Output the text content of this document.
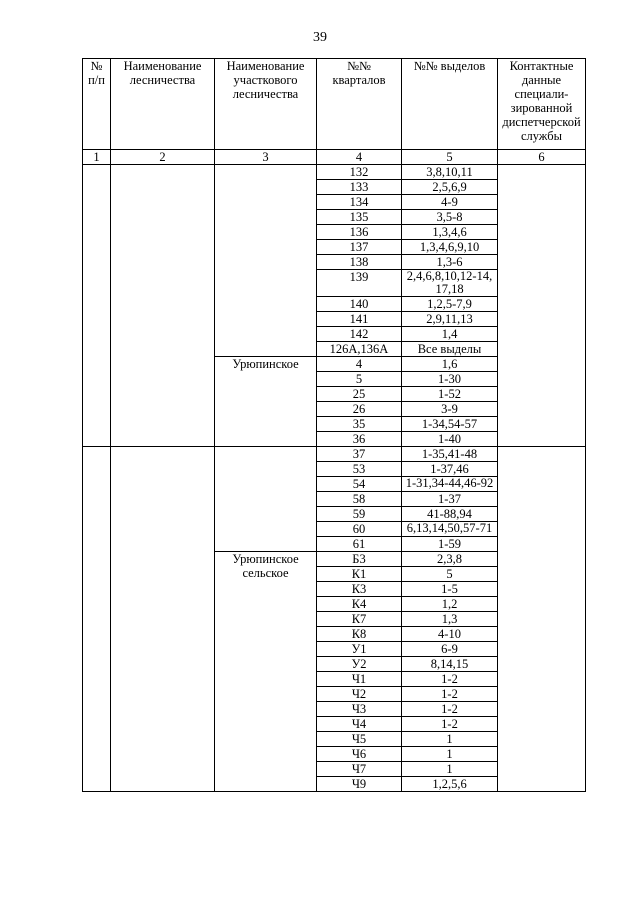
39
№ п/п	Наименование лесничества	Наименование участкового лесничества	№№ кварталов	№№ выделов	Контактные данные специали-зированной диспетчерской службы
1	2	3	4	5	6
			132	3,8,10,11	
			133	2,5,6,9	
			134	4-9	
			135	3,5-8	
			136	1,3,4,6	
			137	1,3,4,6,9,10	
			138	1,3-6	
			139	2,4,6,8,10,12-14, 17,18	
			140	1,2,5-7,9	
			141	2,9,11,13	
			142	1,4	
			126А,136А	Все выделы	
		Урюпинское	4	1,6	
			5	1-30	
			25	1-52	
			26	3-9	
			35	1-34,54-57	
			36	1-40	
			37	1-35,41-48	
			53	1-37,46	
			54	1-31,34-44,46-92	
			58	1-37	
			59	41-88,94	
			60	6,13,14,50,57-71	
			61	1-59	
		Урюпинское сельское	Б3	2,3,8	
			К1	5	
			К3	1-5	
			К4	1,2	
			К7	1,3	
			К8	4-10	
			У1	6-9	
			У2	8,14,15	
			Ч1	1-2	
			Ч2	1-2	
			Ч3	1-2	
			Ч4	1-2	
			Ч5	1	
			Ч6	1	
			Ч7	1	
			Ч9	1,2,5,6	
